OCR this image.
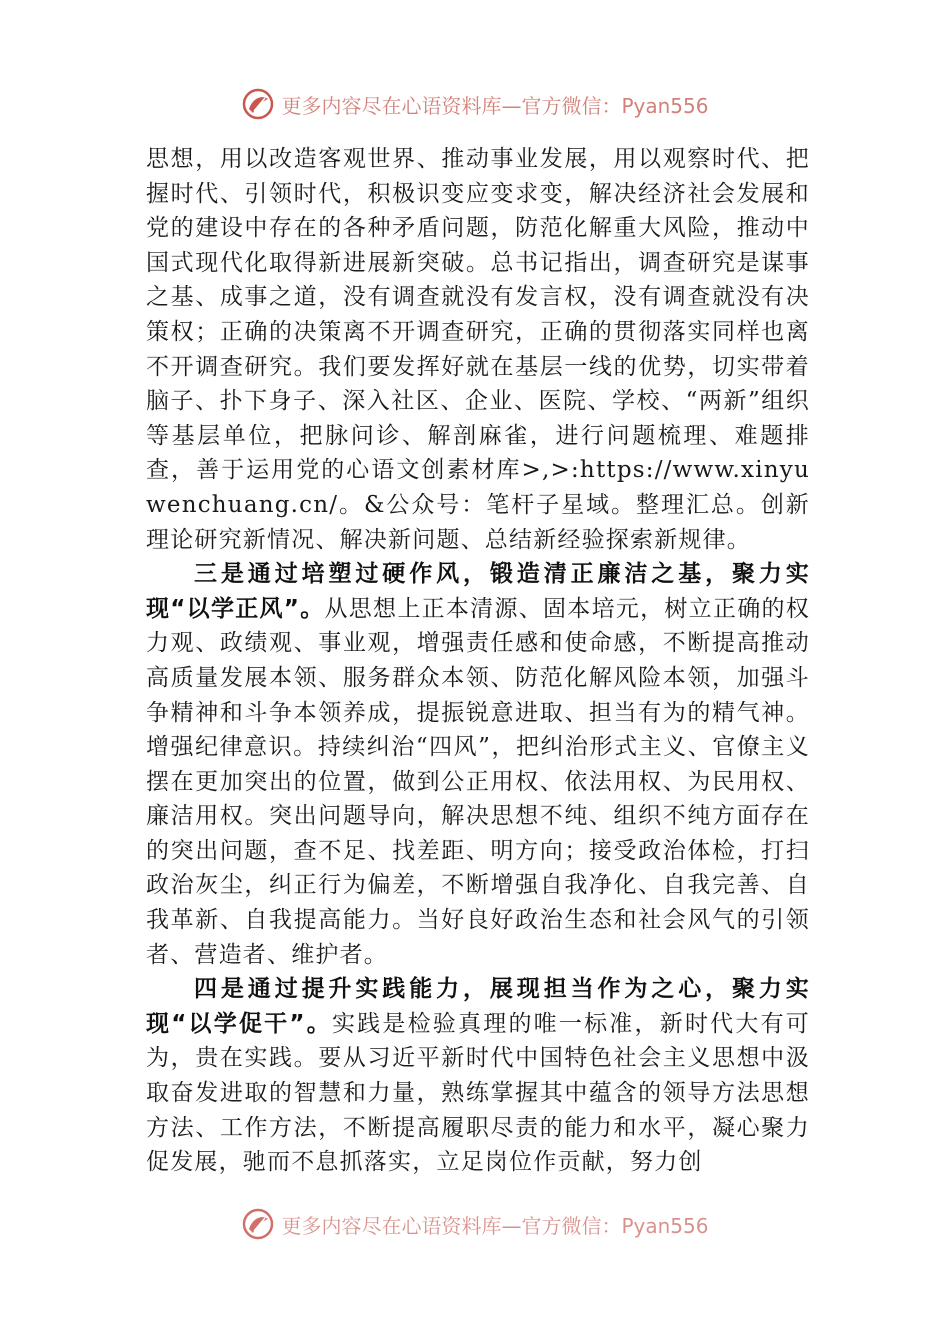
更多内容尽在心语资料库—官方微信：Pyan556

思想，用以改造客观世界、推动事业发展，用以观察时代、把握时代、引领时代，积极识变应变求变，解决经济社会发展和党的建设中存在的各种矛盾问题，防范化解重大风险，推动中国式现代化取得新进展新突破。总书记指出，调查研究是谋事之基、成事之道，没有调查就没有发言权，没有调查就没有决策权；正确的决策离不开调查研究，正确的贯彻落实同样也离不开调查研究。我们要发挥好就在基层一线的优势，切实带着脑子、扑下身子、深入社区、企业、医院、学校、“两新”组织等基层单位，把脉问诊、解剖麻雀，进行问题梳理、难题排查，善于运用党的心语文创素材库>,>:https://www.xinyuwenchuang.cn/。&公众号：笔杆子星域。整理汇总。创新理论研究新情况、解决新问题、总结新经验探索新规律。

三是通过培塑过硬作风，锻造清正廉洁之基，聚力实现“以学正风”。从思想上正本清源、固本培元，树立正确的权力观、政绩观、事业观，增强责任感和使命感，不断提高推动高质量发展本领、服务群众本领、防范化解风险本领，加强斗争精神和斗争本领养成，提振锐意进取、担当有为的精气神。增强纪律意识。持续纠治“四风”，把纠治形式主义、官僚主义摆在更加突出的位置，做到公正用权、依法用权、为民用权、廉洁用权。突出问题导向，解决思想不纯、组织不纯方面存在的突出问题，查不足、找差距、明方向；接受政治体检，打扫政治灰尘，纠正行为偏差，不断增强自我净化、自我完善、自我革新、自我提高能力。当好良好政治生态和社会风气的引领者、营造者、维护者。

四是通过提升实践能力，展现担当作为之心，聚力实现“以学促干”。实践是检验真理的唯一标准，新时代大有可为，贵在实践。要从习近平新时代中国特色社会主义思想中汲取奋发进取的智慧和力量，熟练掌握其中蕴含的领导方法思想方法、工作方法，不断提高履职尽责的能力和水平，凝心聚力促发展，驰而不息抓落实，立足岗位作贡献，努力创

更多内容尽在心语资料库—官方微信：Pyan556
